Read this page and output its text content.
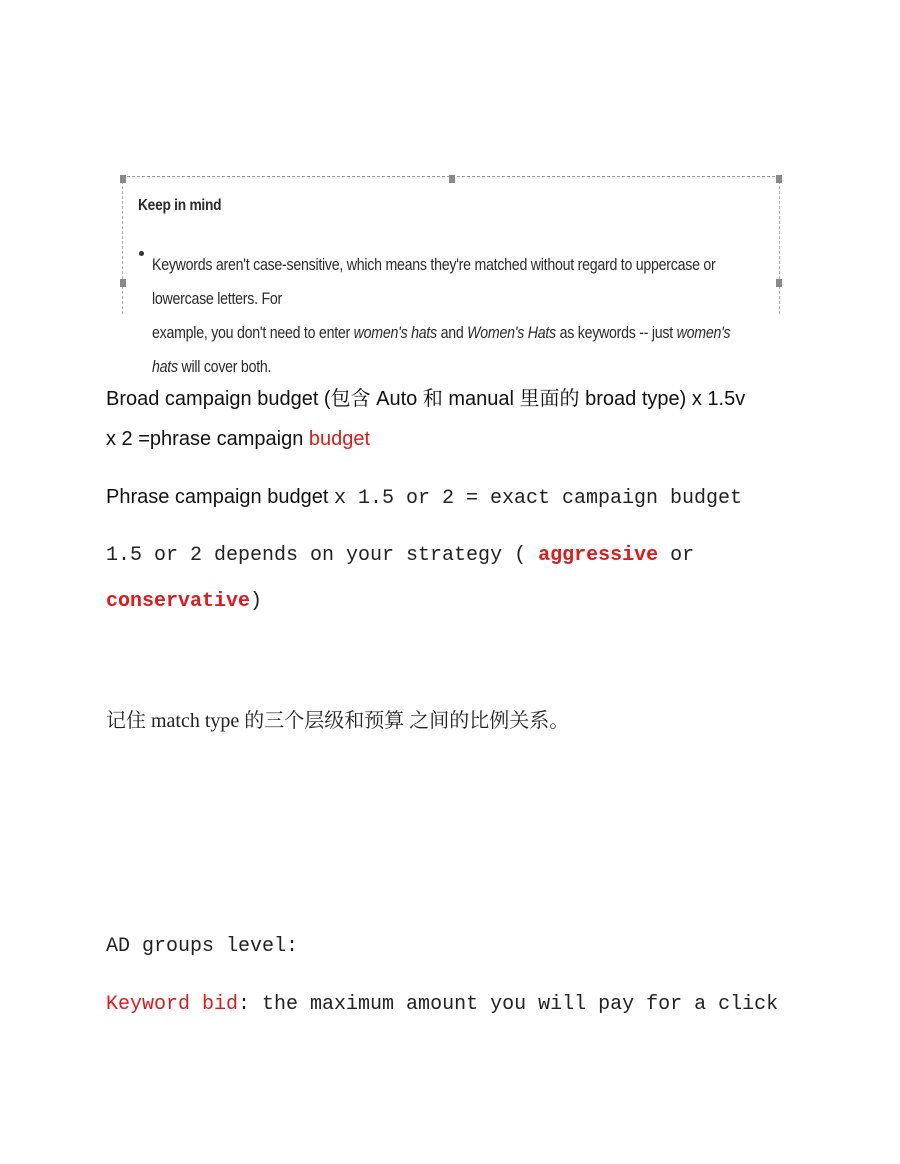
Keep in mind
Keywords aren't case-sensitive, which means they're matched without regard to uppercase or lowercase letters. For
example, you don't need to enter women's hats and Women's Hats as keywords -- just women's hats will cover both.
Broad campaign budget (包含 Auto 和 manual 里面的 broad type) x 1.5v
x 2 =phrase campaign budget
Phrase campaign budget x 1.5 or 2 = exact campaign budget
1.5 or 2 depends on your strategy ( aggressive or
conservative)
记住 match type 的三个层级和预算 之间的比例关系。
AD groups level:
Keyword bid: the maximum amount you will pay for a click
